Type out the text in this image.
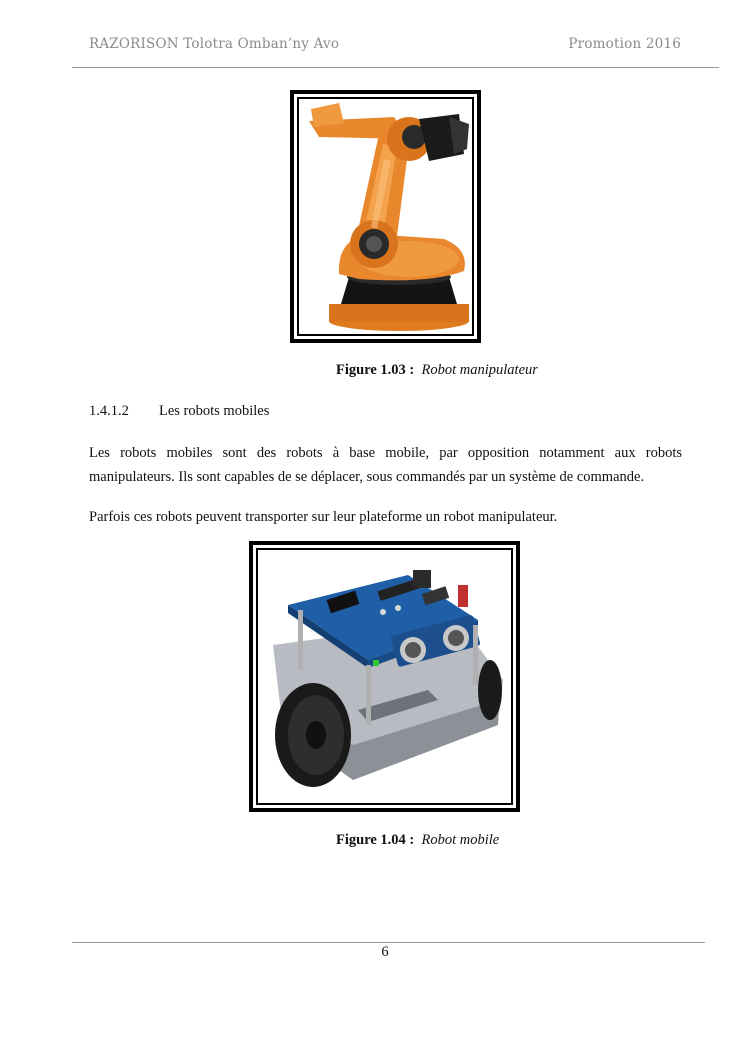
RAZORISON Tolotra Omban’ny Avo	Promotion 2016
Figure 1.03 : Robot manipulateur
1.4.1.2 Les robots mobiles
Les robots mobiles sont des robots à base mobile, par opposition notamment aux robots manipulateurs. Ils sont capables de se déplacer, sous commandés par un système de commande.
Parfois ces robots peuvent transporter sur leur plateforme un robot manipulateur.
Figure 1.04 : Robot mobile
6
